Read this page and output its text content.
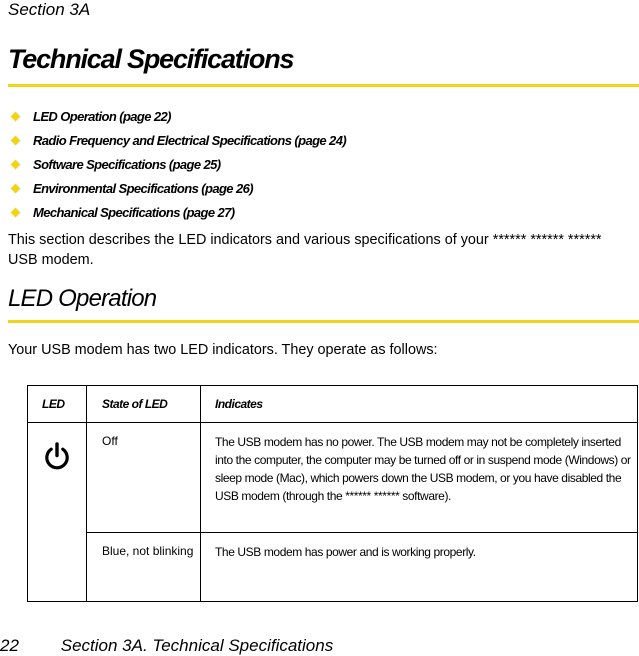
Section 3A
Technical Specifications
LED Operation (page 22)
Radio Frequency and Electrical Specifications (page 24)
Software Specifications (page 25)
Environmental Specifications (page 26)
Mechanical Specifications (page 27)

This section describes the LED indicators and various specifications of your ****** ****** ****** USB modem.

LED Operation

Your USB modem has two LED indicators. They operate as follows:

LED	State of LED	Indicates

	Off	The USB modem has no power. The USB modem may not be completely inserted into the computer, the computer may be turned off or in suspend mode (Windows) or sleep mode (Mac), which powers down the USB modem, or you have disabled the USB modem (through the ****** ****** software).
	Blue, not blinking	The USB modem has power and is working properly.
22 Section 3A. Technical Specifications
